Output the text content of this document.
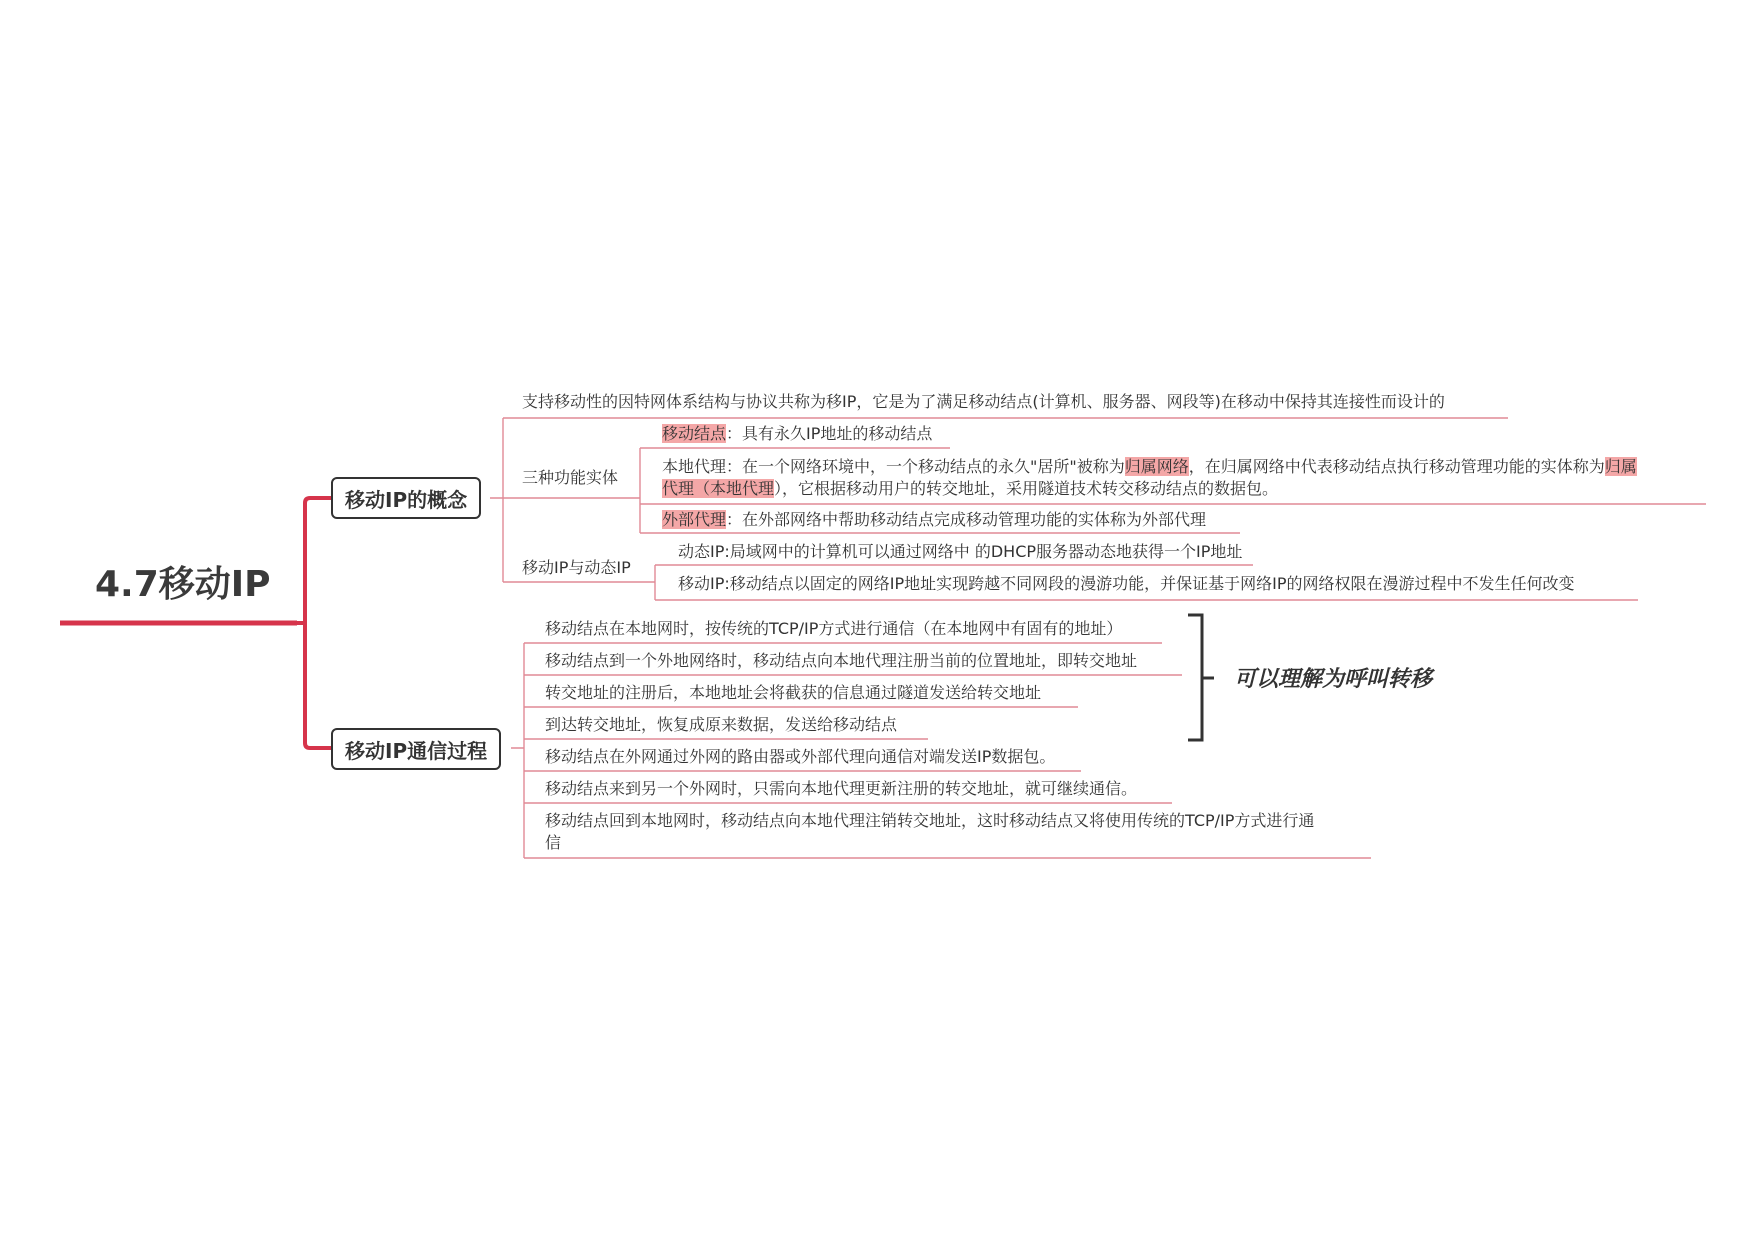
4.7移动IP
移动IP的概念
移动IP通信过程
支持移动性的因特网体系结构与协议共称为移IP，它是为了满足移动结点(计算机、服务器、网段等)在移动中保持其连接性而设计的
三种功能实体
移动结点：具有永久IP地址的移动结点
本地代理：在一个网络环境中，一个移动结点的永久"居所"被称为归属网络，在归属网络中代表移动结点执行移动管理功能的实体称为归属
代理（本地代理），它根据移动用户的转交地址，采用隧道技术转交移动结点的数据包。
外部代理：在外部网络中帮助移动结点完成移动管理功能的实体称为外部代理
移动IP与动态IP
动态IP:局域网中的计算机可以通过网络中 的DHCP服务器动态地获得一个IP地址
移动IP:移动结点以固定的网络IP地址实现跨越不同网段的漫游功能，并保证基于网络IP的网络权限在漫游过程中不发生任何改变
移动结点在本地网时，按传统的TCP/IP方式进行通信（在本地网中有固有的地址）
移动结点到一个外地网络时，移动结点向本地代理注册当前的位置地址，即转交地址
转交地址的注册后，本地地址会将截获的信息通过隧道发送给转交地址
到达转交地址，恢复成原来数据，发送给移动结点
移动结点在外网通过外网的路由器或外部代理向通信对端发送IP数据包。
移动结点来到另一个外网时，只需向本地代理更新注册的转交地址，就可继续通信。
移动结点回到本地网时，移动结点向本地代理注销转交地址，这时移动结点又将使用传统的TCP/IP方式进行通
信
可以理解为呼叫转移
